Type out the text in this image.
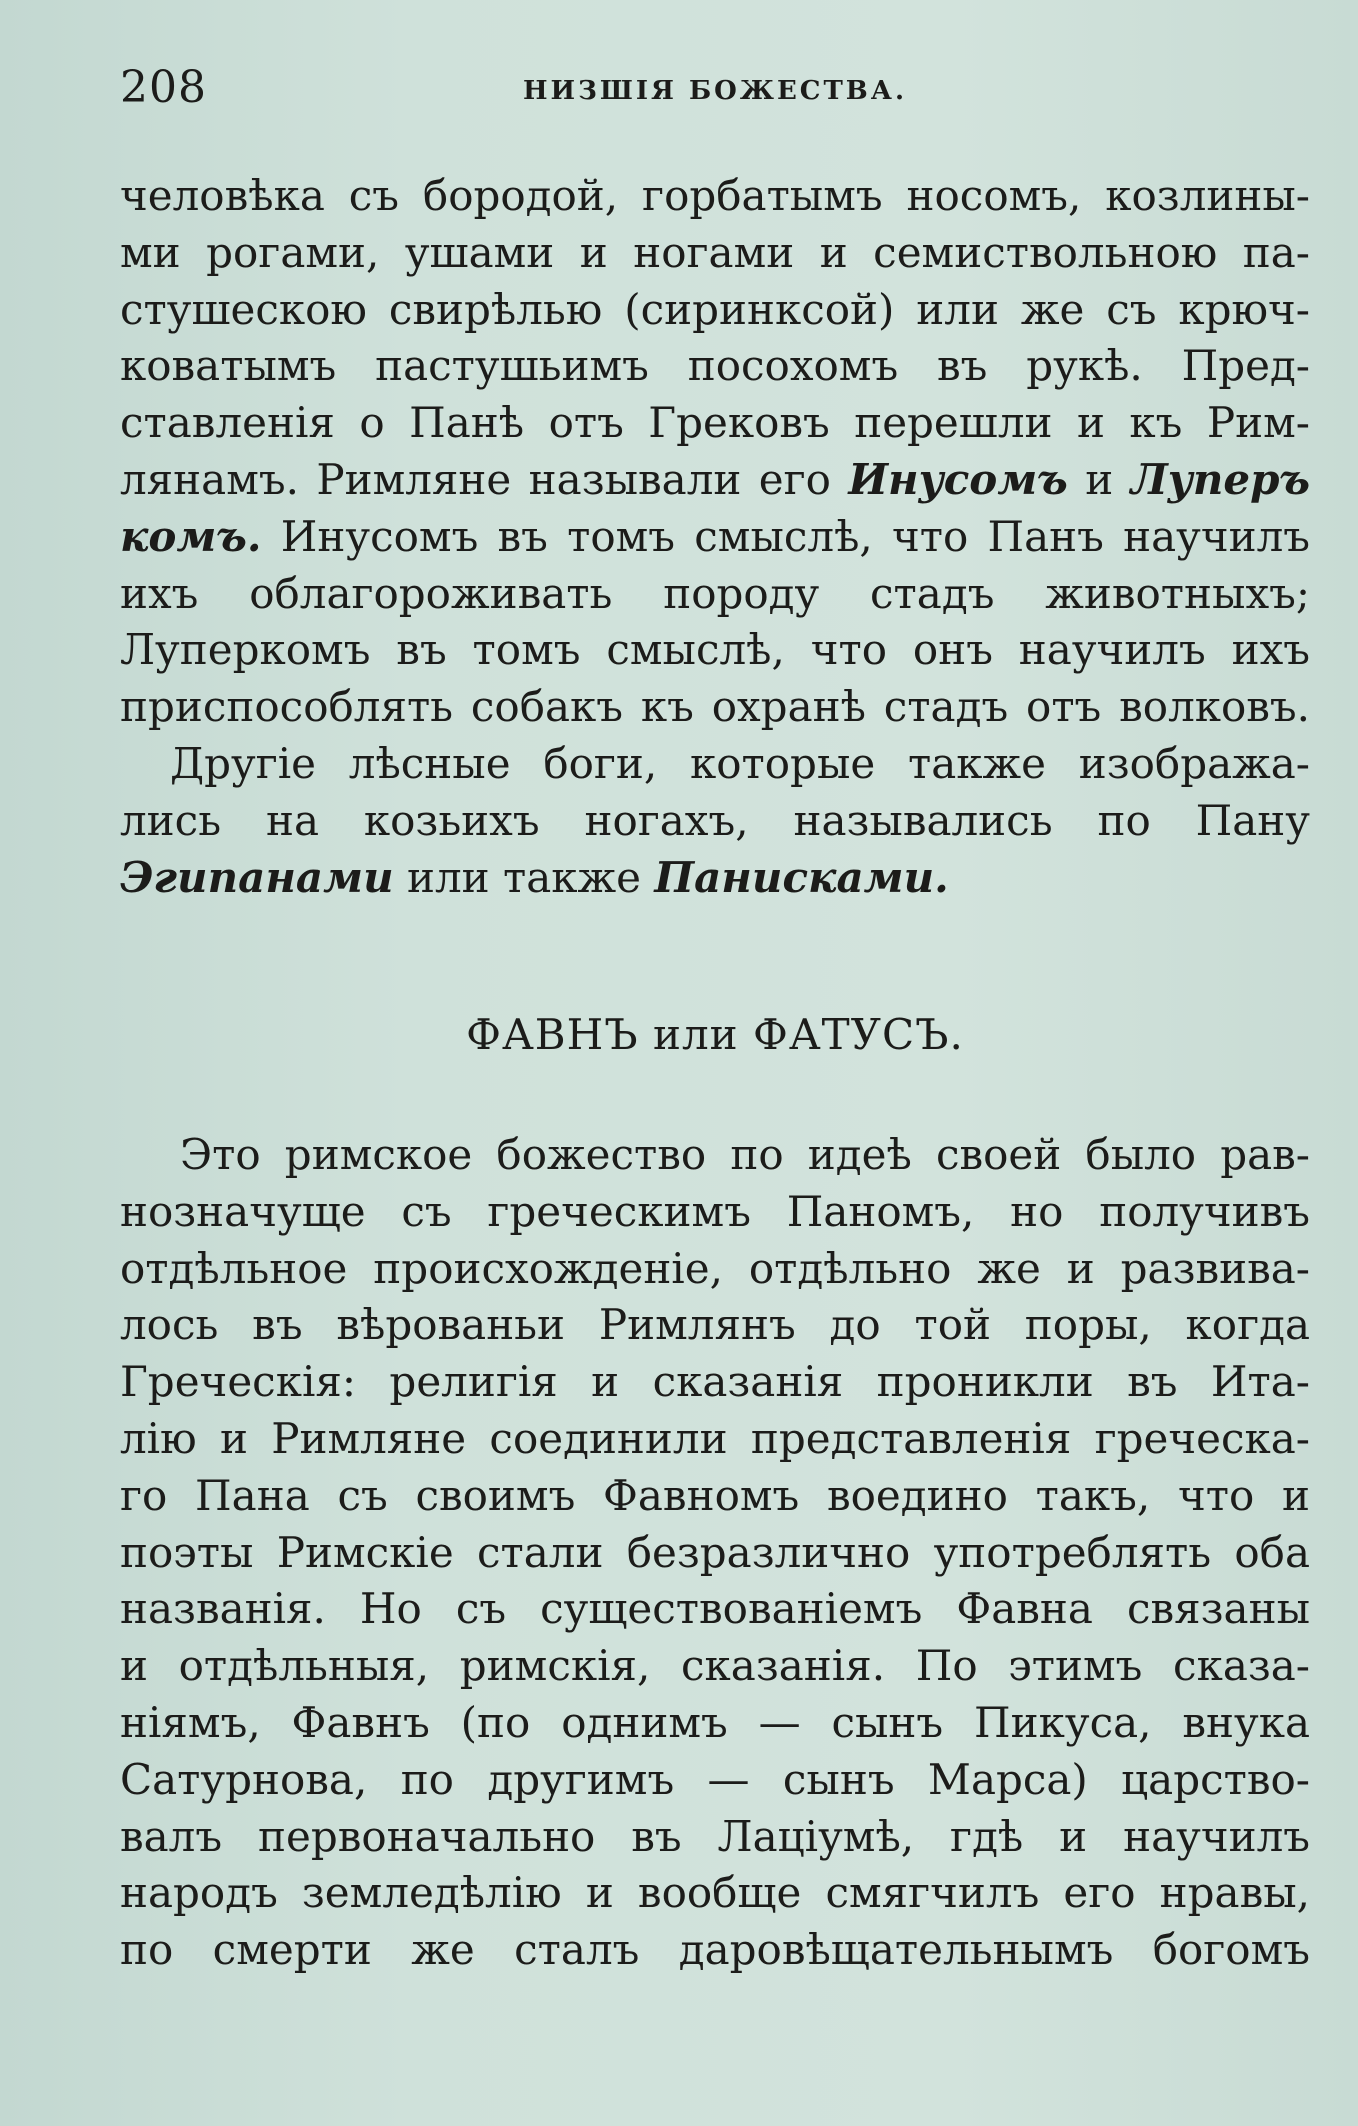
208	НИЗШІЯ БОЖЕСТВА.
человѣка съ бородой, горбатымъ носомъ, козлины-
ми рогами, ушами и ногами и семиствольною па-
стушескою свирѣлью (сиринксой) или же съ крюч-
коватымъ пастушьимъ посохомъ въ рукѣ. Пред-
ставленія о Панѣ отъ Грековъ перешли и къ Рим-
лянамъ. Римляне называли его Инусомъ и Луперъ
комъ. Инусомъ въ томъ смыслѣ, что Панъ научилъ
ихъ облагороживать породу стадъ животныхъ;
Луперкомъ въ томъ смыслѣ, что онъ научилъ ихъ
приспособлять собакъ къ охранѣ стадъ отъ волковъ.
Другіе лѣсные боги, которые также изобража-
лись на козьихъ ногахъ, назывались по Пану
Эгипанами или также Панисками.
ФАВНЪ или ФАТУСЪ.
Это римское божество по идеѣ своей было рав-
нозначуще съ греческимъ Паномъ, но получивъ
отдѣльное происхожденіе, отдѣльно же и развива-
лось въ вѣрованьи Римлянъ до той поры, когда
Греческія: религія и сказанія проникли въ Ита-
лію и Римляне соединили представленія греческа-
го Пана съ своимъ Фавномъ воедино такъ, что и
поэты Римскіе стали безразлично употреблять оба
названія. Но съ существованіемъ Фавна связаны
и отдѣльныя, римскія, сказанія. По этимъ сказа-
ніямъ, Фавнъ (по однимъ — сынъ Пикуса, внука
Сатурнова, по другимъ — сынъ Марса) царство-
валъ первоначально въ Лаціумѣ, гдѣ и научилъ
народъ земледѣлію и вообще смягчилъ его нравы,
по смерти же сталъ даровѣщательнымъ богомъ
